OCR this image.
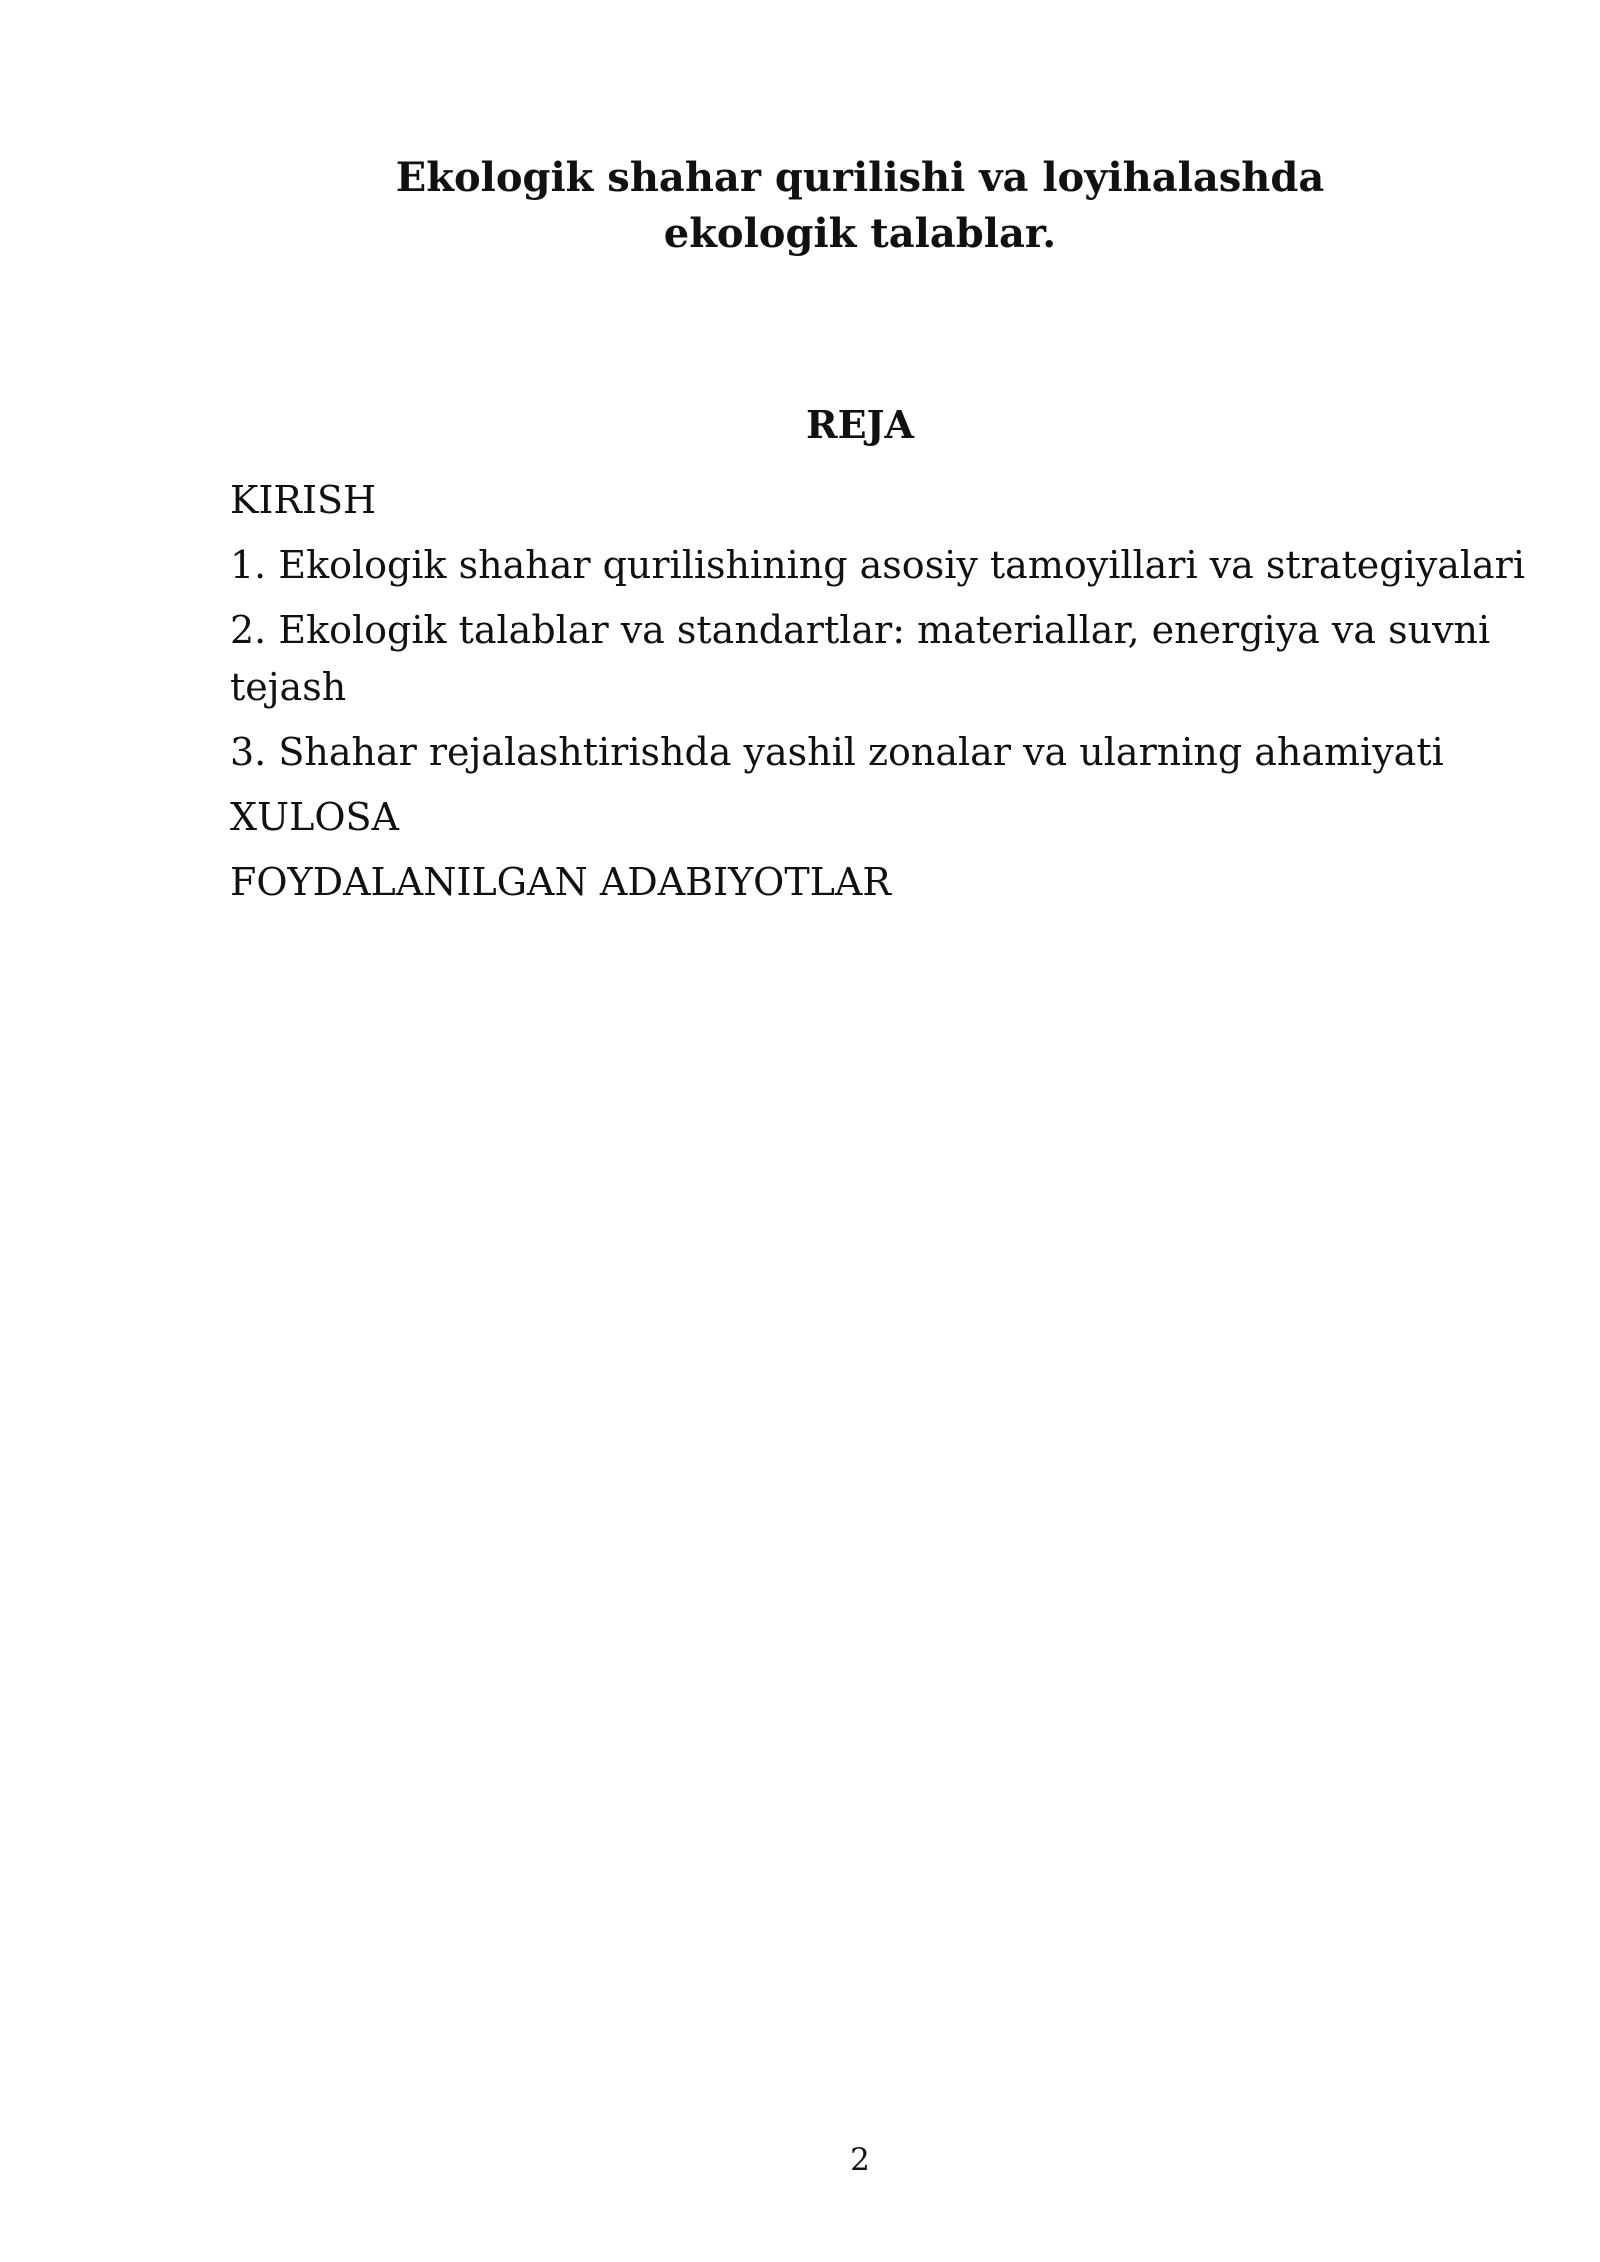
Ekologik shahar qurilishi va loyihalashda ekologik talablar.
REJA
KIRISH
1. Ekologik shahar qurilishining asosiy tamoyillari va strategiyalari
2. Ekologik talablar va standartlar: materiallar, energiya va suvni tejash
3. Shahar rejalashtirishda yashil zonalar va ularning ahamiyati
XULOSA
FOYDALANILGAN ADABIYOTLAR
2
